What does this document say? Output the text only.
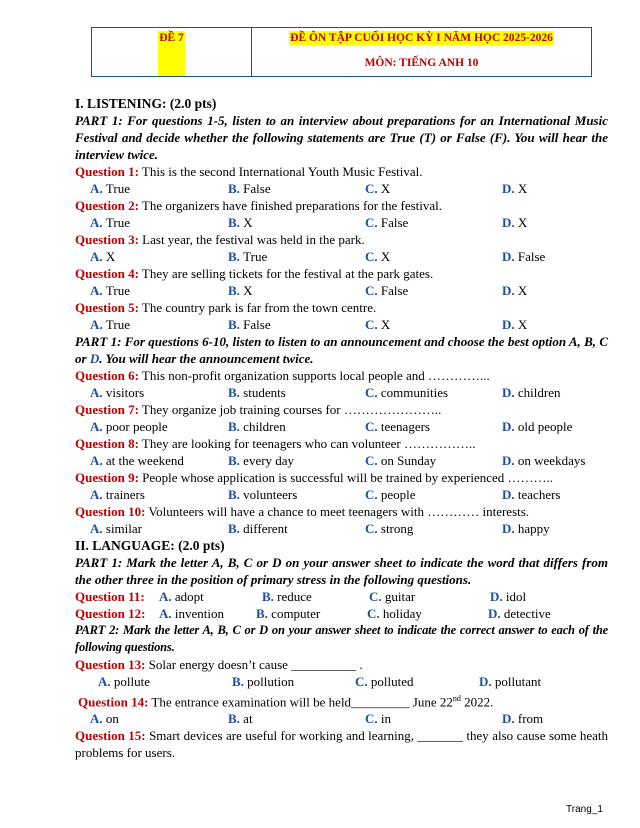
ĐỀ 7	ĐỀ ÔN TẬP CUỐI HỌC KỲ I NĂM HỌC 2025-2026
MÔN: TIẾNG ANH 10
I. LISTENING: (2.0 pts)
PART 1: For questions 1-5, listen to an interview about preparations for an International Music Festival and decide whether the following statements are True (T) or False (F). You will hear the interview twice.
Question 1: This is the second International Youth Music Festival.
A. True	B. False	C. X	D. X
Question 2: The organizers have finished preparations for the festival.
A. True	B. X	C. False	D. X
Question 3: Last year, the festival was held in the park.
A. X	B. True	C. X	D. False
Question 4: They are selling tickets for the festival at the park gates.
A. True	B. X	C. False	D. X
Question 5: The country park is far from the town centre.
A. True	B. False	C. X	D. X
PART 1: For questions 6-10, listen to listen to an announcement and choose the best option A, B, C or D. You will hear the announcement twice.
Question 6: This non-profit organization supports local people and …………...
A. visitors	B. students	C. communities	D. children
Question 7: They organize job training courses for …………………..
A. poor people	B. children	C. teenagers	D. old people
Question 8: They are looking for teenagers who can volunteer ……………..
A. at the weekend	B. every day	C. on Sunday	D. on weekdays
Question 9: People whose application is successful will be trained by experienced ………..
A. trainers	B. volunteers	C. people	D. teachers
Question 10: Volunteers will have a chance to meet teenagers with ………… interests.
A. similar	B. different	C. strong	D. happy
II. LANGUAGE: (2.0 pts)
PART 1: Mark the letter A, B, C or D on your answer sheet to indicate the word that differs from the other three in the position of primary stress in the following questions.
Question 11: A. adopt	B. reduce	C. guitar	D. idol
Question 12: A. invention B. computer	C. holiday	D. detective
PART 2: Mark the letter A, B, C or D on your answer sheet to indicate the correct answer to each of the following questions.
Question 13: Solar energy doesn’t cause __________ .
A. pollute	B. pollution	C. polluted	D. pollutant
Question 14: The entrance examination will be held_________ June 22nd 2022.
A. on	B. at	C. in	D. from
Question 15: Smart devices are useful for working and learning, _______ they also cause some heath problems for users.
Trang_1
